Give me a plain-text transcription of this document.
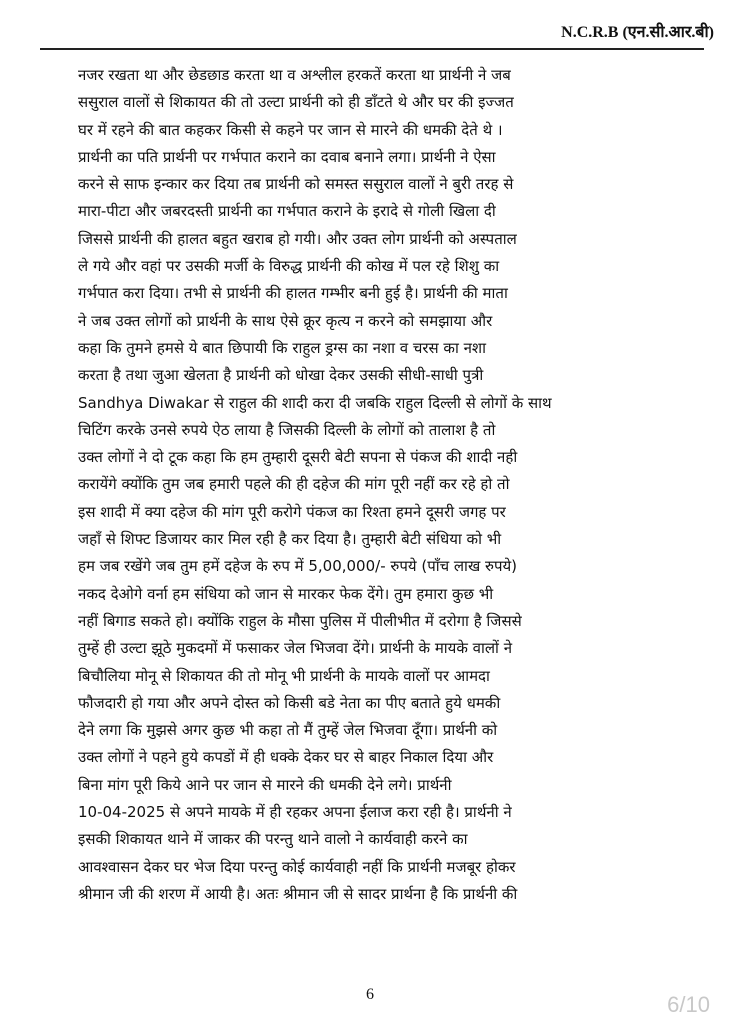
N.C.R.B (एन.सी.आर.बी)
नजर रखता था और छेडछाड करता था व अश्लील हरकतें करता था प्रार्थनी ने जब
ससुराल वालों से शिकायत की तो उल्टा प्रार्थनी को ही डाँटते थे और घर की इज्जत
घर में रहने की बात कहकर किसी से कहने पर जान से मारने की धमकी देते थे ।
प्रार्थनी का पति प्रार्थनी पर गर्भपात कराने का दवाब बनाने लगा। प्रार्थनी ने ऐसा
करने से साफ इन्कार कर दिया तब प्रार्थनी को समस्त ससुराल वालों ने बुरी तरह से
मारा-पीटा और जबरदस्ती प्रार्थनी का गर्भपात कराने के इरादे से गोली खिला दी
जिससे प्रार्थनी की हालत बहुत खराब हो गयी। और उक्त लोग प्रार्थनी को अस्पताल
ले गये और वहां पर उसकी मर्जी के विरुद्ध प्रार्थनी की कोख में पल रहे शिशु का
गर्भपात करा दिया। तभी से प्रार्थनी की हालत गम्भीर बनी हुई है। प्रार्थनी की माता
ने जब उक्त लोगों को प्रार्थनी के साथ ऐसे क्रूर कृत्य न करने को समझाया और
कहा कि तुमने हमसे ये बात छिपायी कि राहुल ड्रग्स का नशा व चरस का नशा
करता है तथा जुआ खेलता है प्रार्थनी को धोखा देकर उसकी सीधी-साधी पुत्री
Sandhya Diwakar से राहुल की शादी करा दी जबकि राहुल दिल्ली से लोगों के साथ
चिटिंग करके उनसे रुपये ऐठ लाया है जिसकी दिल्ली के लोगों को तालाश है तो
उक्त लोगों ने दो टूक कहा कि हम तुम्हारी दूसरी बेटी सपना से पंकज की शादी नही
करायेंगे क्योंकि तुम जब हमारी पहले की ही दहेज की मांग पूरी नहीं कर रहे हो तो
इस शादी में क्या दहेज की मांग पूरी करोगे पंकज का रिश्ता हमने दूसरी जगह पर
जहाँ से शिफ्ट डिजायर कार मिल रही है कर दिया है। तुम्हारी बेटी संधिया को भी
हम जब रखेंगे जब तुम हमें दहेज के रुप में 5,00,000/- रुपये (पाँच लाख रुपये)
नकद देओगे वर्ना हम संधिया को जान से मारकर फेक देंगे। तुम हमारा कुछ भी
नहीं बिगाड सकते हो। क्योंकि राहुल के मौसा पुलिस में पीलीभीत में दरोगा है जिससे
तुम्हें ही उल्टा झूठे मुकदमों में फसाकर जेल भिजवा देंगे। प्रार्थनी के मायके वालों ने
बिचौलिया मोनू से शिकायत की तो मोनू भी प्रार्थनी के मायके वालों पर आमदा
फौजदारी हो गया और अपने दोस्त को किसी बडे नेता का पीए बताते हुये धमकी
देने लगा कि मुझसे अगर कुछ भी कहा तो मैं तुम्हें जेल भिजवा दूँगा। प्रार्थनी को
उक्त लोगों ने पहने हुये कपडों में ही धक्के देकर घर से बाहर निकाल दिया और
बिना मांग पूरी किये आने पर जान से मारने की धमकी देने लगे। प्रार्थनी
10-04-2025 से अपने मायके में ही रहकर अपना ईलाज करा रही है। प्रार्थनी ने
इसकी शिकायत थाने में जाकर की परन्तु थाने वालो ने कार्यवाही करने का
आवश्वासन देकर घर भेज दिया परन्तु कोई कार्यवाही नहीं कि प्रार्थनी मजबूर होकर
श्रीमान जी की शरण में आयी है। अतः श्रीमान जी से सादर प्रार्थना है कि प्रार्थनी की
6	6/10
